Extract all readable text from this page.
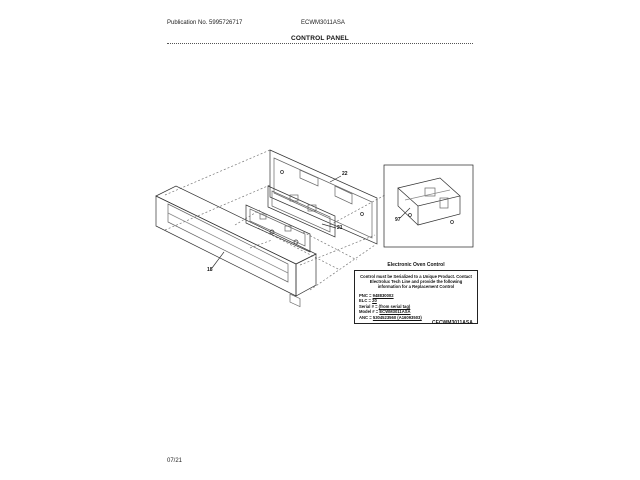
Publication No. 5995726717	ECWM3011ASA
CONTROL PANEL
22
21
18
97
Electronic Oven Control
Control must be Serialized to a Unique Product. Contact Electrolux Tech Line and provide the following information for a Replacement Control
PNC = 948830002
ELC = 20
Serial # = (from serial tag)
Model # = ECWM3011ASA
ANC = 5304523560 (A16093503)
CECWM3011ASA
07/21
